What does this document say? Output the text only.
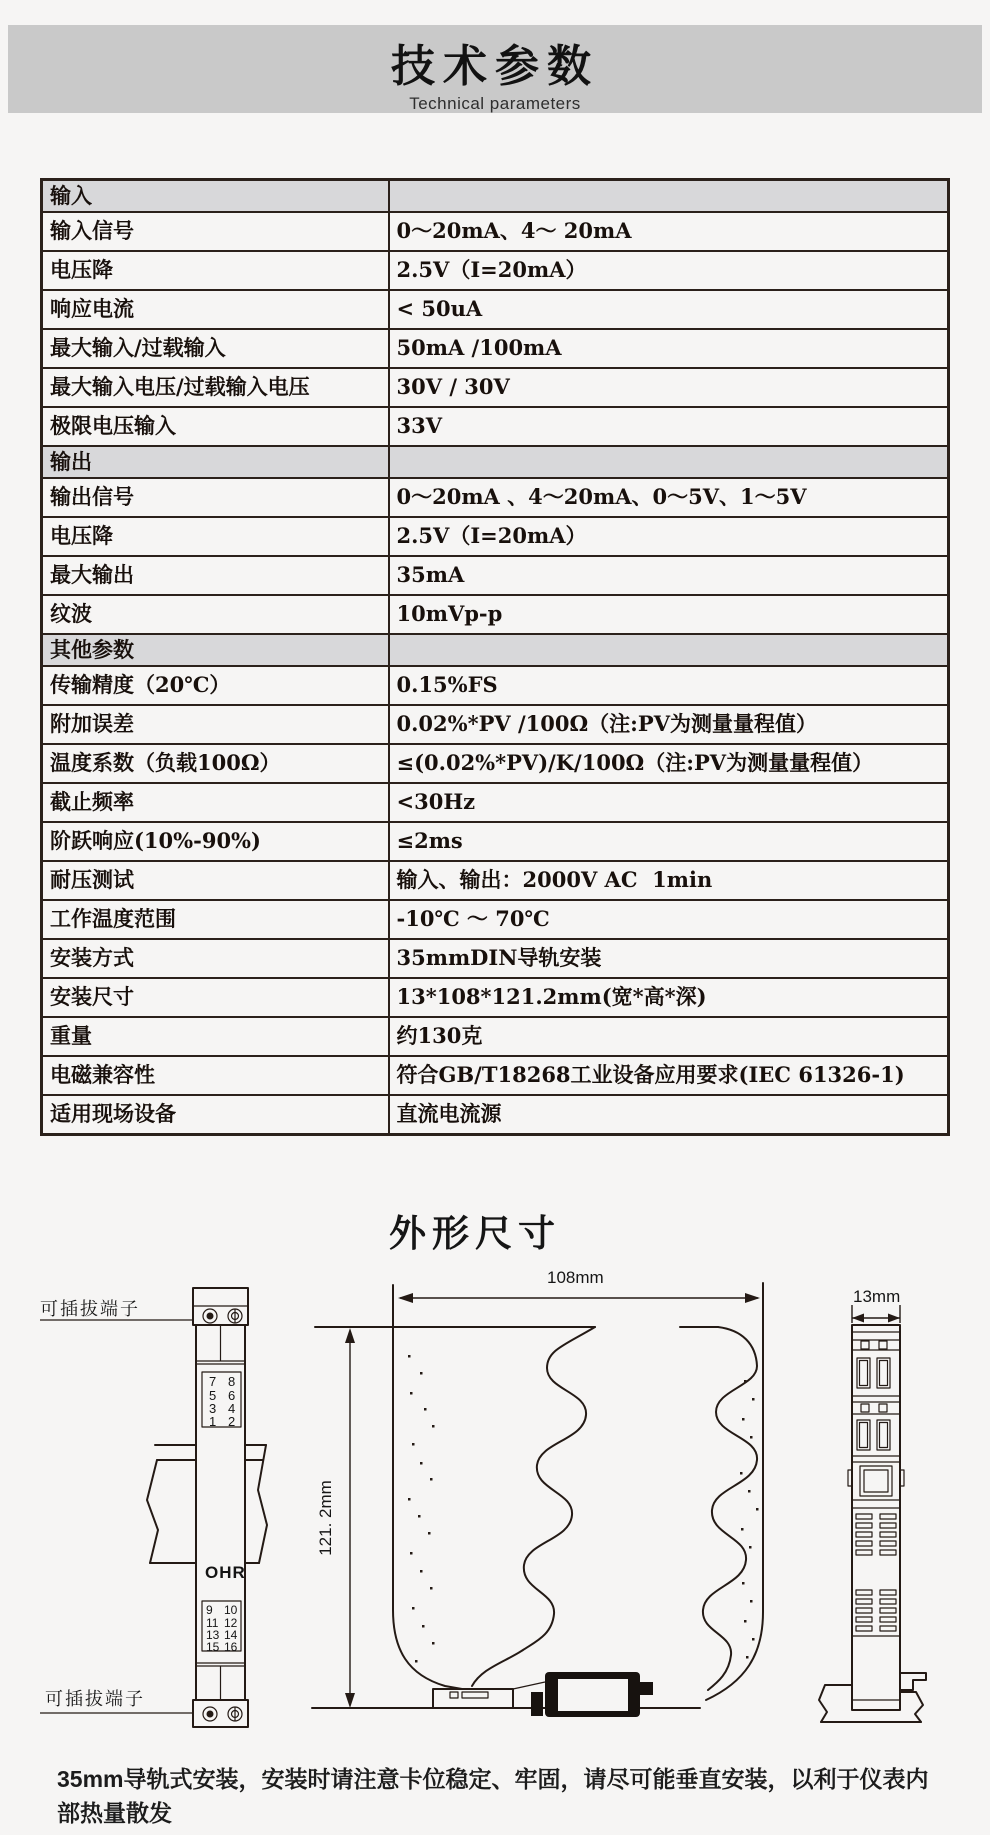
技术参数

Technical parameters

输入	
输入信号	0～20mA、4～ 20mA
电压降	2.5V（I=20mA）
响应电流	< 50uA
最大输入/过载输入	50mA /100mA
最大输入电压/过载输入电压	30V / 30V
极限电压输入	33V
输出	
输出信号	0～20mA 、4～20mA、0～5V、1～5V
电压降	2.5V（I=20mA）
最大输出	35mA
纹波	10mVp-p
其他参数	
传输精度（20℃）	0.15%FS
附加误差	0.02%*PV /100Ω（注:PV为测量量程值）
温度系数（负载100Ω）	≤(0.02%*PV)/K/100Ω（注:PV为测量量程值）
截止频率	<30Hz
阶跃响应(10%-90%)	≤2ms
耐压测试	输入、输出：2000V AC  1min
工作温度范围	-10℃ ～ 70℃
安装方式	35mmDIN导轨安装
安装尺寸	13*108*121.2mm(宽*高*深)
重量	约130克
电磁兼容性	符合GB/T18268工业设备应用要求(IEC 61326-1)
适用现场设备	直流电流源
外形尺寸
可插拔端子
7 8
5 6
3 4
1 2
OHR
9 10
11 12
13 14
15 16
可插拔端子
108mm
121. 2mm
13mm

35mm导轨式安装，安装时请注意卡位稳定、牢固，请尽可能垂直安装，以利于仪表内部热量散发
